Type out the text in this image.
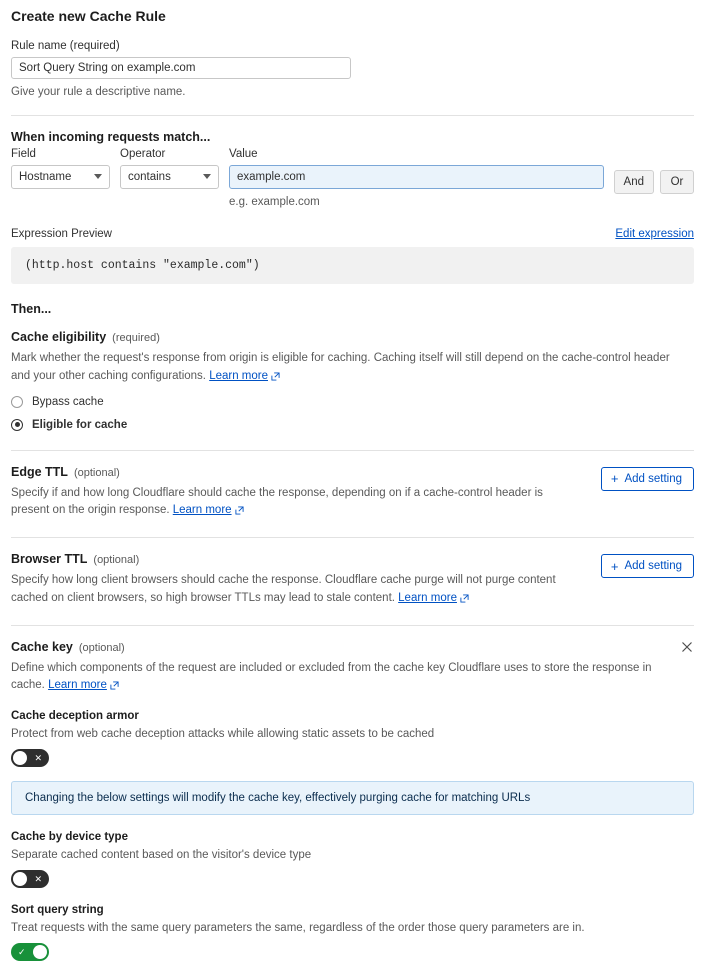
Create new Cache Rule
Rule name (required)
Sort Query String on example.com
Give your rule a descriptive name.
When incoming requests match...
Field
Hostname
Operator
contains
Value
example.com
e.g. example.com
And	Or
Expression Preview	Edit expression
(http.host contains "example.com")
Then...
Cache eligibility (required)
Mark whether the request's response from origin is eligible for caching. Caching itself will still depend on the cache-control header and your other caching configurations. Learn more
Bypass cache
Eligible for cache
Edge TTL (optional)
Specify if and how long Cloudflare should cache the response, depending on if a cache-control header is present on the origin response. Learn more
+ Add setting
Browser TTL (optional)
Specify how long client browsers should cache the response. Cloudflare cache purge will not purge content cached on client browsers, so high browser TTLs may lead to stale content. Learn more
+ Add setting
Cache key (optional)
Define which components of the request are included or excluded from the cache key Cloudflare uses to store the response in cache. Learn more
Cache deception armor
Protect from web cache deception attacks while allowing static assets to be cached
✕
Changing the below settings will modify the cache key, effectively purging cache for matching URLs
Cache by device type
Separate cached content based on the visitor's device type
✕
Sort query string
Treat requests with the same query parameters the same, regardless of the order those query parameters are in.
✓
